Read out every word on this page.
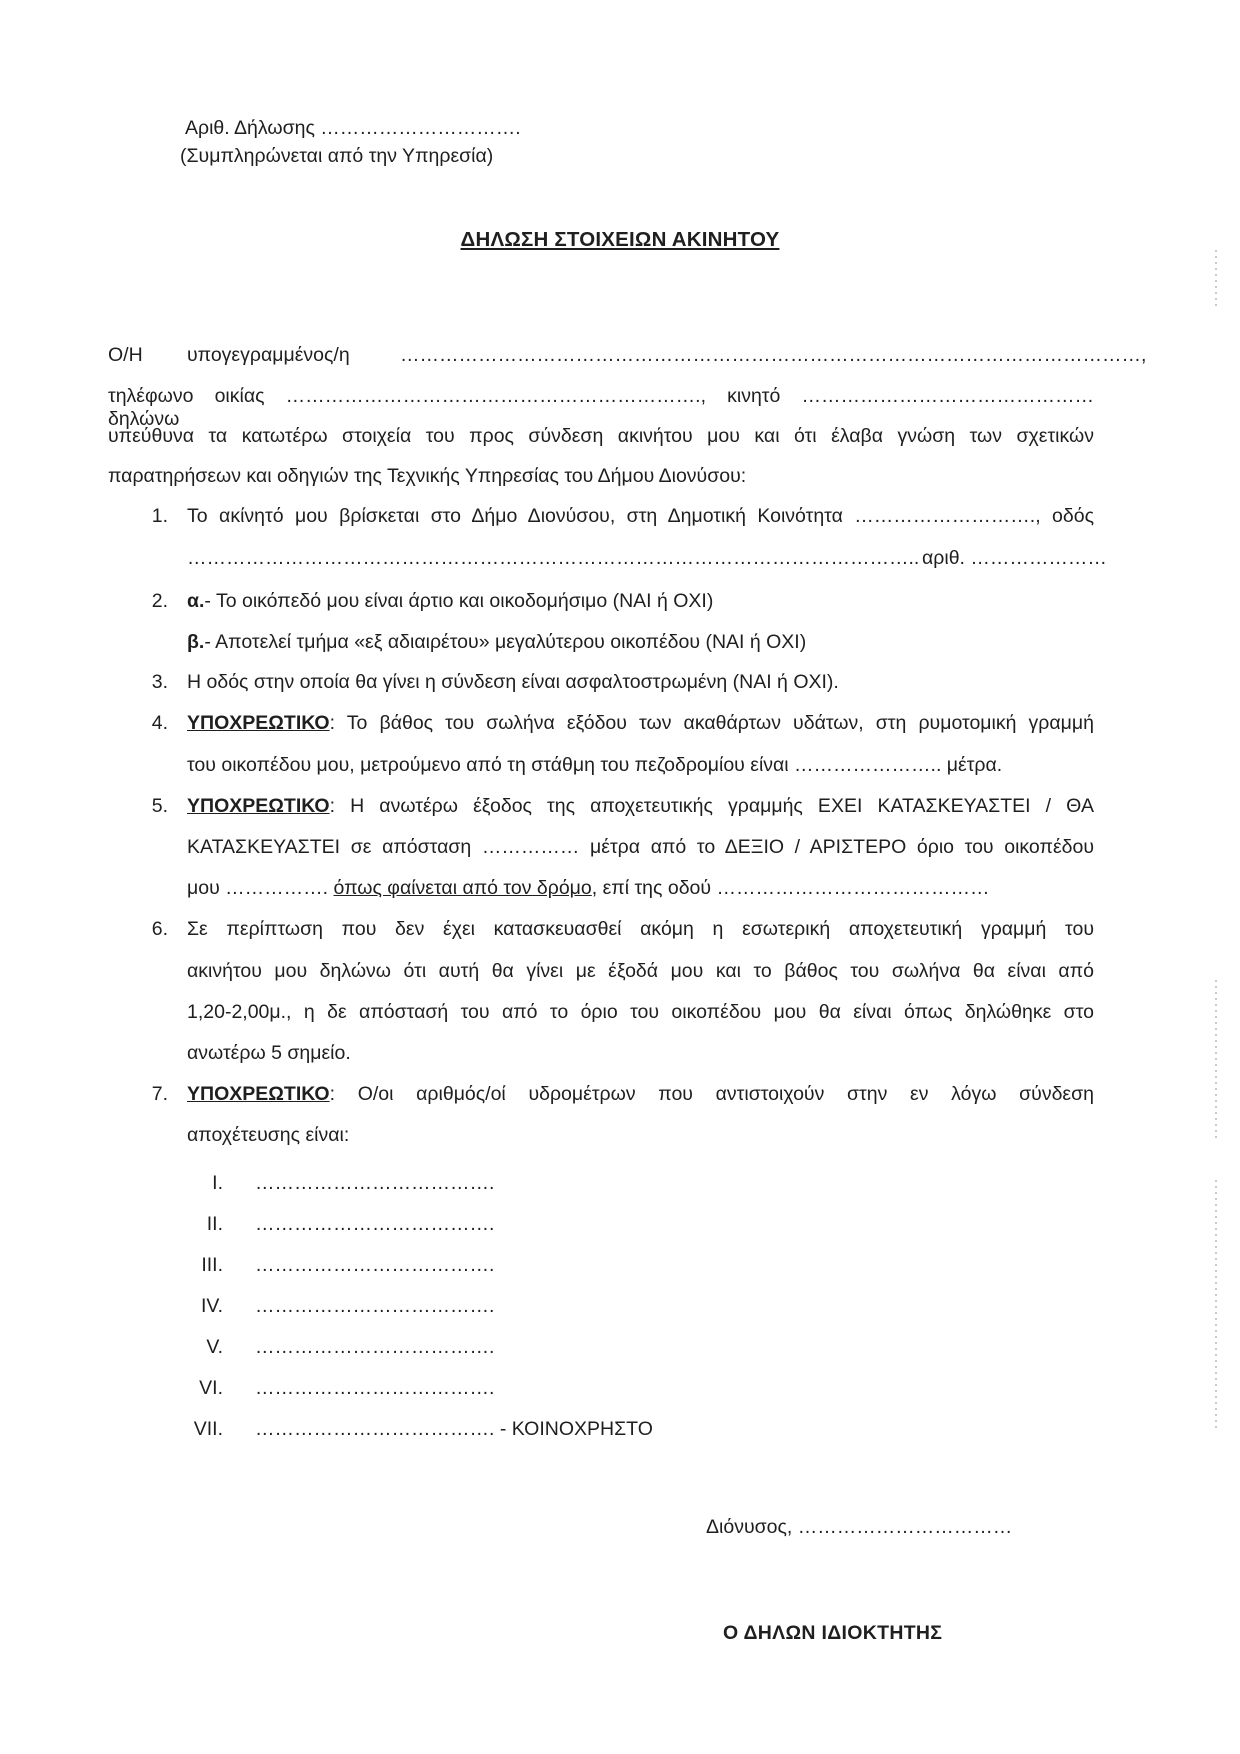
Αριθ. Δήλωσης ………………………….
(Συμπληρώνεται από την Υπηρεσία)
ΔΗΛΩΣΗ ΣΤΟΙΧΕΙΩΝ ΑΚΙΝΗΤΟΥ
Ο/Η υπογεγραμμένος/η	……………………………………………………………………………………………………,
τηλέφωνο οικίας ………………………………………………………., κινητό ……………………………………… δηλώνω
υπεύθυνα τα κατωτέρω στοιχεία του προς σύνδεση ακινήτου μου και ότι έλαβα γνώση των σχετικών
παρατηρήσεων και οδηγιών της Τεχνικής Υπηρεσίας του Δήμου Διονύσου:
1. Το ακίνητό μου βρίσκεται στο Δήμο Διονύσου, στη Δημοτική Κοινότητα ………………………., οδός
………………………………………………………………………………………………….. αριθ. …………………
2. α.- Το οικόπεδό μου είναι άρτιο και οικοδομήσιμο (ΝΑΙ ή ΟΧΙ)
β.- Αποτελεί τμήμα «εξ αδιαιρέτου» μεγαλύτερου οικοπέδου (ΝΑΙ ή ΟΧΙ)
3. Η οδός στην οποία θα γίνει η σύνδεση είναι ασφαλτοστρωμένη (ΝΑΙ ή ΟΧΙ).
4. ΥΠΟΧΡΕΩΤΙΚΟ: Το βάθος του σωλήνα εξόδου των ακαθάρτων υδάτων, στη ρυμοτομική γραμμή
του οικοπέδου μου, μετρούμενο από τη στάθμη του πεζοδρομίου είναι ………………….. μέτρα.
5. ΥΠΟΧΡΕΩΤΙΚΟ: Η ανωτέρω έξοδος της αποχετευτικής γραμμής ΕΧΕΙ ΚΑΤΑΣΚΕΥΑΣΤΕΙ / ΘΑ
ΚΑΤΑΣΚΕΥΑΣΤΕΙ σε απόσταση …………… μέτρα από το ΔΕΞΙΟ / ΑΡΙΣΤΕΡΟ όριο του οικοπέδου
μου ……………. όπως φαίνεται από τον δρόμο, επί της οδού ……………………………………
6. Σε περίπτωση που δεν έχει κατασκευασθεί ακόμη η εσωτερική αποχετευτική γραμμή του
ακινήτου μου δηλώνω ότι αυτή θα γίνει με έξοδά μου και το βάθος του σωλήνα θα είναι από
1,20-2,00μ., η δε απόστασή του από το όριο του οικοπέδου μου θα είναι όπως δηλώθηκε στο
ανωτέρω 5 σημείο.
7. ΥΠΟΧΡΕΩΤΙΚΟ: Ο/οι αριθμός/οί υδρομέτρων που αντιστοιχούν στην εν λόγω σύνδεση
αποχέτευσης είναι:
I. ……………………………….
II. ……………………………….
III. ……………………………….
IV. ……………………………….
V. ……………………………….
VI. ……………………………….
VII. ………………………………. - ΚΟΙΝΟΧΡΗΣΤΟ
Διόνυσος, ……………………………
Ο ΔΗΛΩΝ ΙΔΙΟΚΤΗΤΗΣ
